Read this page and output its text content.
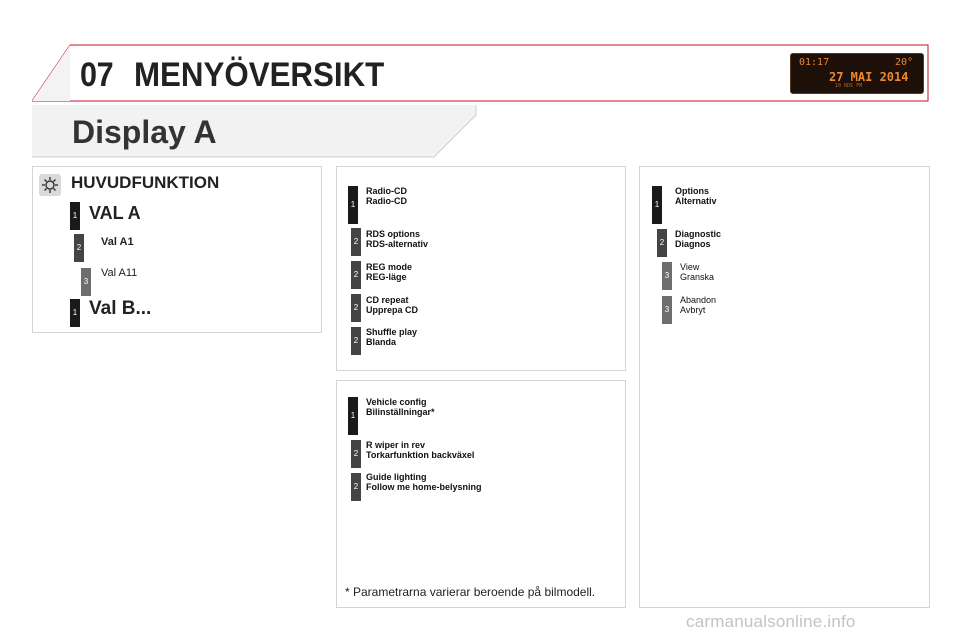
07 MENYÖVERSIKT	01:17	20°
27 MAI 2014
10 RDS FM
Display A
HUVUDFUNKTION
1 VAL A
2 Val A1
3
Val A11
1 Val B...
1
Radio-CD
Radio-CD
2
RDS options
RDS-alternativ
2
REG mode
REG-läge
2
CD repeat
Upprepa CD
2
Shuffle play
Blanda
1
Vehicle config
Bilinställningar*
2
R wiper in rev
Torkarfunktion backväxel
2
Guide lighting
Follow me home-belysning
* Parametrarna varierar beroende på bilmodell.
1
Options
Alternativ
2
Diagnostic
Diagnos
3
View
Granska
3
Abandon
Avbryt
carmanualsonline.info
